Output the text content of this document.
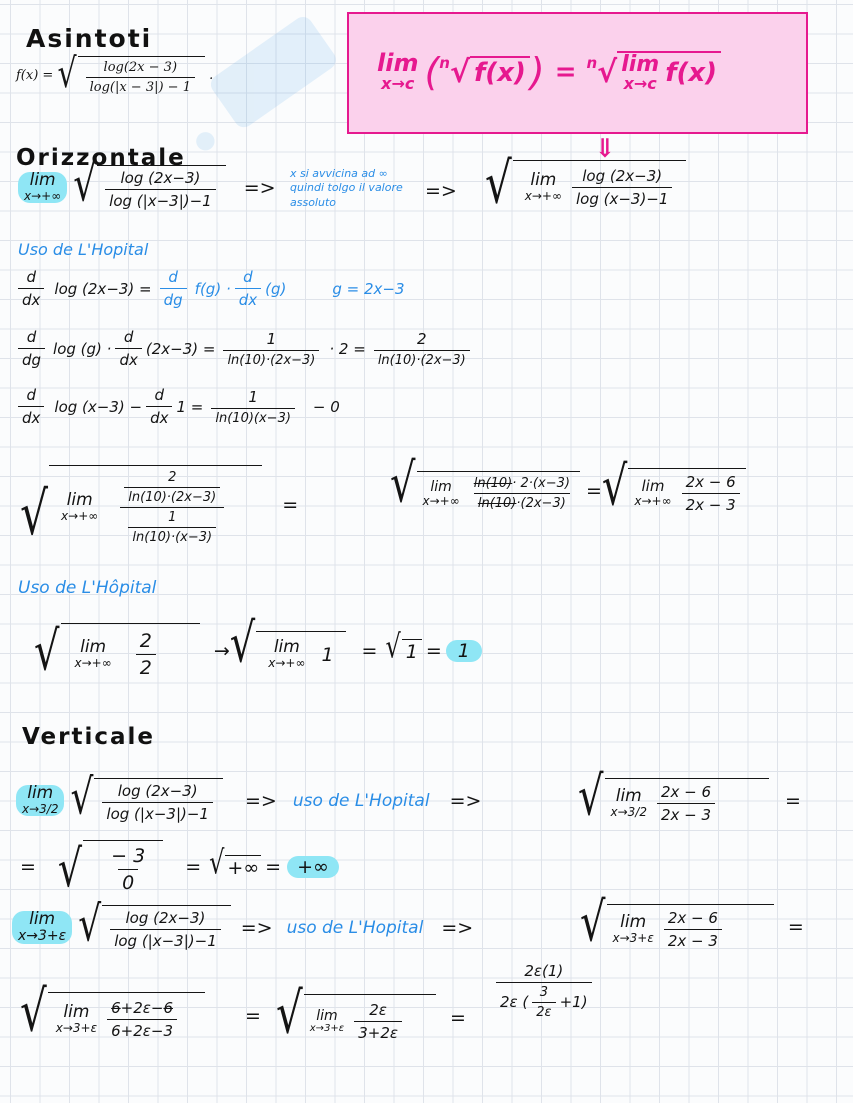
•
Asintoti
f(x) = √ $\frac{\log(2x - 3)}{\log(|x - 3|) - 1}$ .	lim
x→c ($^n$ √ f(x) ) = $^n$ √ lim
x→c f(x)
⇓
Orizzontale
lim
x→+∞ √ $\frac{\log (2x-3)}{\log (|x-3|)-1}$ =>
x si avvicina ad ∞ quindi tolgo il valore assoluto
=> √ lim
$x\to+\infty \frac{\log (2x-3)}{\log (x-3)-1}$
Uso de L'Hopital
$\frac{d}{dx}$ $\log (2x-3) = \frac{d}{dg} f(g) \cdot \frac{d}{dx} (g)$	g = 2x−3
$\frac{d}{dg}$ $\log (g) \cdot \frac{d}{dx} (2x-3) = \frac{1}{\ln(10)\cdot(2x-3)} \cdot 2 = \frac{2}{\ln(10)\cdot(2x-3)}$
$\frac{d}{dx}$ $\log (x-3) - \frac{d}{dx} 1 = \frac{1}{\ln(10)(x-3)} - 0$
√ lim
$x\to+\infty \frac{\frac{2}{\ln(10)\cdot(2x-3)}}{\frac{1}{\ln(10)\cdot(x-3)}}$	= √ lim
$x\to+\infty \frac{\ln(10)\cdot 2\cdot(x-3)}{\ln(10)\cdot(2x-3)}$ = √ lim
$x\to+\infty \frac{2x - 6}{2x - 3}$
Uso de L'Hôpital
√ lim
$x\to+\infty \frac{2}{2}$	→ √ lim
x→+∞ 1 = √ 1 = 1
Verticale
lim
x→3/2 √ $\frac{\log (2x-3)}{\log (|x-3|)-1}$ => uso de L'Hopital => √ lim
$x\to 3/2 \frac{2x - 6}{2x - 3}$	=
= √ $\frac{- 3}{0}$ = √ +∞ = +∞
lim
x→3+ε √ $\frac{\log (2x-3)}{\log (|x-3|)-1}$ => uso de L'Hopital =>	√ lim
$x\to 3+\varepsilon \frac{2x - 6}{2x - 3}$	=
√ lim
$x\to 3+\varepsilon \frac{6+2\varepsilon-6}{6+2\varepsilon-3}$	= √ lim
$x\to 3+\varepsilon \frac{2\varepsilon}{3+2\varepsilon}$	= $\frac{2\varepsilon(1)}{2\varepsilon ( \frac{3}{2\varepsilon} +1)}$
